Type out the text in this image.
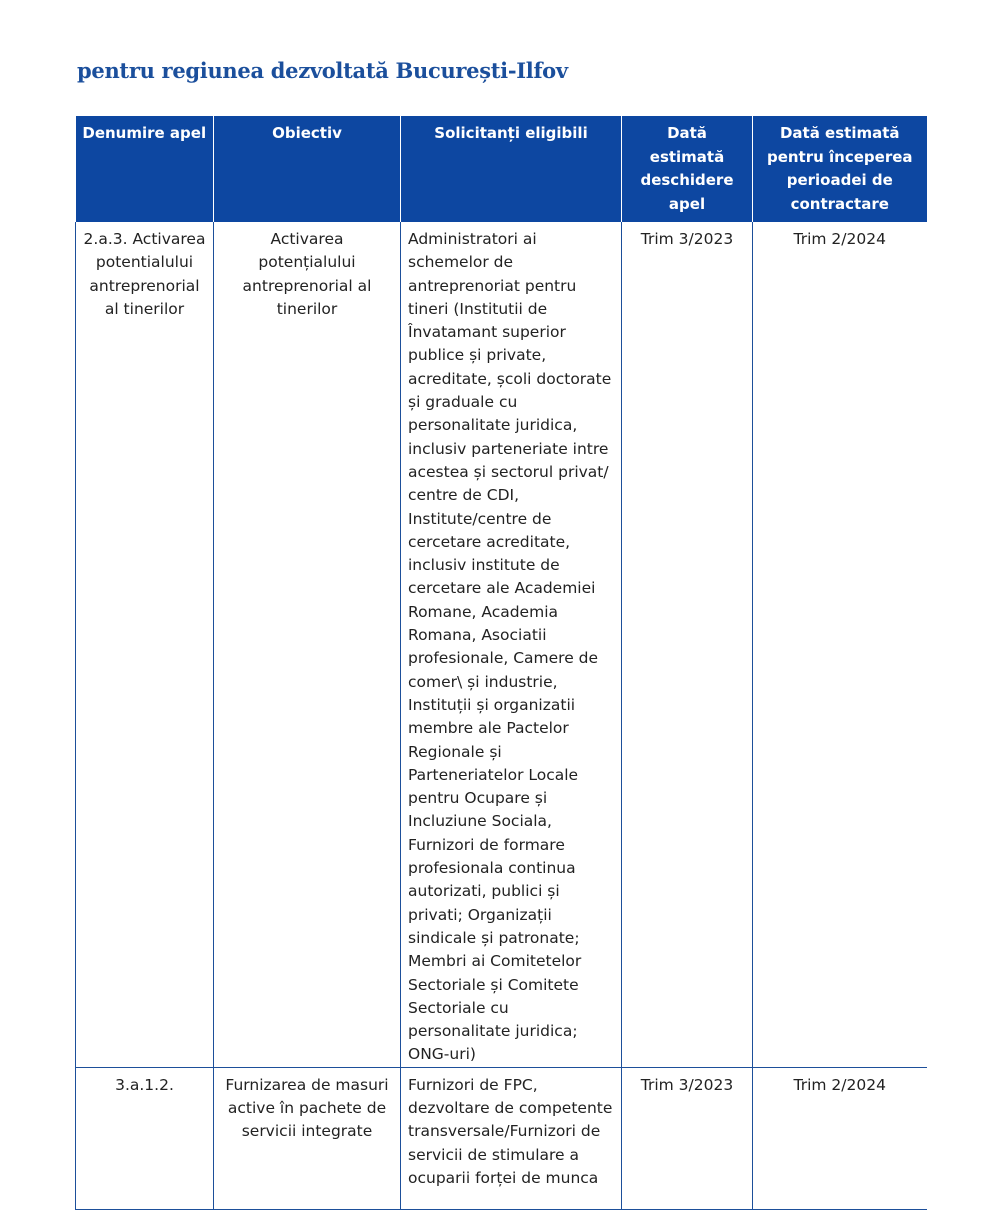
pentru regiunea dezvoltată București-Ilfov
Denumire apel	Obiectiv	Solicitanți eligibili	Dată estimată deschidere apel	Dată estimată pentru începerea perioadei de contractare
2.a.3. Activarea potentialului antreprenorial al tinerilor	Activarea potențialului antreprenorial al tinerilor	Administratori ai schemelor de antreprenoriat pentru tineri (Institutii de Învatamant superior publice și private, acreditate, școli doctorate și graduale cu personalitate juridica, inclusiv parteneriate intre acestea și sectorul privat/ centre de CDI, Institute/centre de cercetare acreditate, inclusiv institute de cercetare ale Academiei Romane, Academia Romana, Asociatii profesionale, Camere de comer\ și industrie, Instituții și organizatii membre ale Pactelor Regionale și Parteneriatelor Locale pentru Ocupare și Incluziune Sociala, Furnizori de formare profesionala continua autorizati, publici și privati; Organizații sindicale și patronate; Membri ai Comitetelor Sectoriale și Comitete Sectoriale cu personalitate juridica; ONG-uri)	Trim 3/2023	Trim 2/2024
3.a.1.2.	Furnizarea de masuri active în pachete de servicii integrate	Furnizori de FPC, dezvoltare de competente transversale/Furnizori de servicii de stimulare a ocuparii forței de munca	Trim 3/2023	Trim 2/2024
